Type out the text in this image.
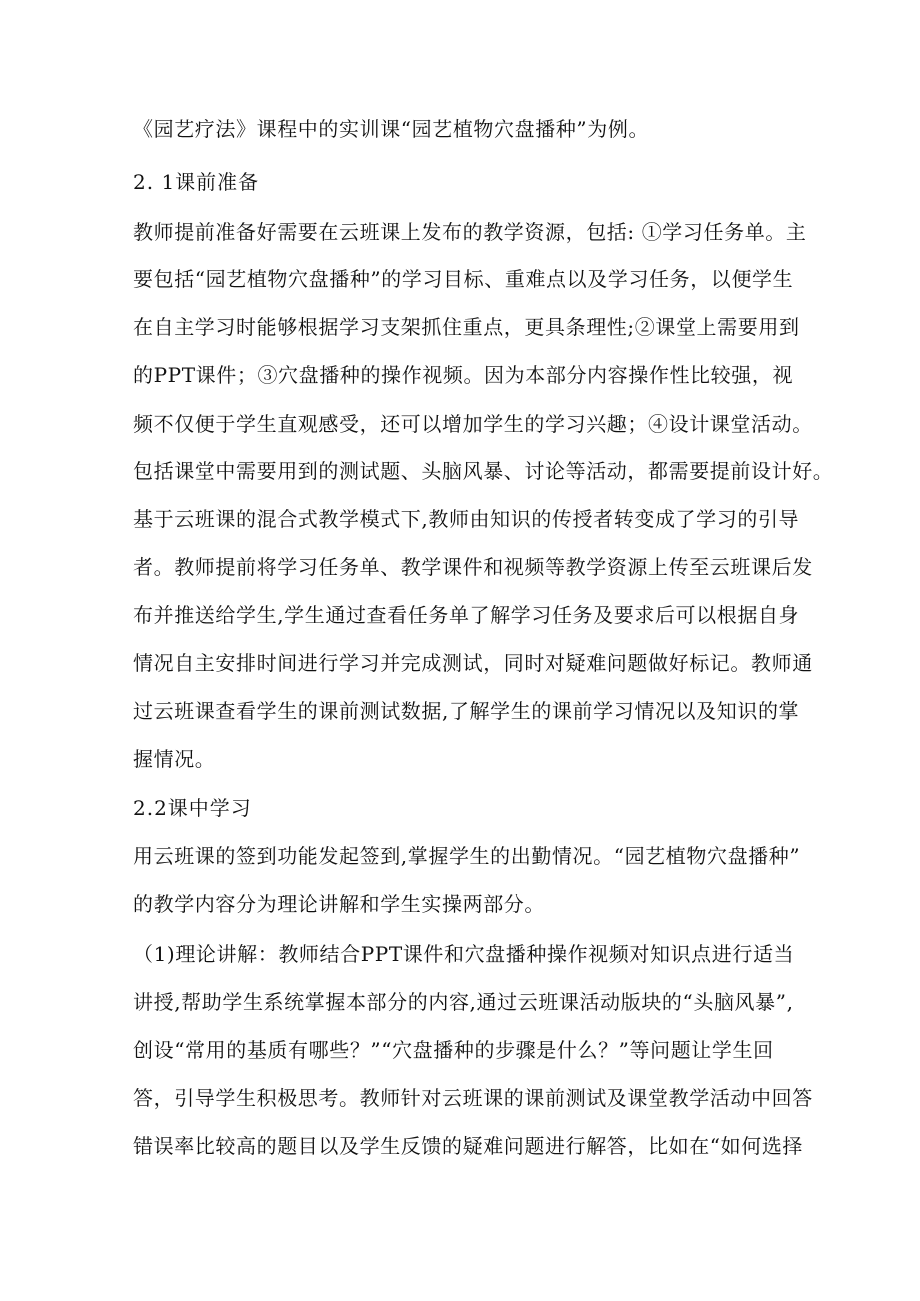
《园艺疗法》课程中的实训课“园艺植物穴盘播种”为例。
2. 1课前准备
教师提前准备好需要在云班课上发布的教学资源，包括: ①学习任务单。主
要包括“园艺植物穴盘播种”的学习目标、重难点以及学习任务，以便学生
在自主学习时能够根据学习支架抓住重点，更具条理性;②课堂上需要用到
的PPT课件；③穴盘播种的操作视频。因为本部分内容操作性比较强，视
频不仅便于学生直观感受，还可以增加学生的学习兴趣；④设计课堂活动。
包括课堂中需要用到的测试题、头脑风暴、讨论等活动，都需要提前设计好。
基于云班课的混合式教学模式下,教师由知识的传授者转变成了学习的引导
者。教师提前将学习任务单、教学课件和视频等教学资源上传至云班课后发
布并推送给学生,学生通过查看任务单了解学习任务及要求后可以根据自身
情况自主安排时间进行学习并完成测试，同时对疑难问题做好标记。教师通
过云班课查看学生的课前测试数据,了解学生的课前学习情况以及知识的掌
握情况。
2.2课中学习
用云班课的签到功能发起签到,掌握学生的出勤情况。“园艺植物穴盘播种”
的教学内容分为理论讲解和学生实操两部分。
（1)理论讲解：教师结合PPT课件和穴盘播种操作视频对知识点进行适当
讲授,帮助学生系统掌握本部分的内容,通过云班课活动版块的“头脑风暴”,
创设“常用的基质有哪些？”“穴盘播种的步骤是什么？”等问题让学生回
答，引导学生积极思考。教师针对云班课的课前测试及课堂教学活动中回答
错误率比较高的题目以及学生反馈的疑难问题进行解答，比如在“如何选择
